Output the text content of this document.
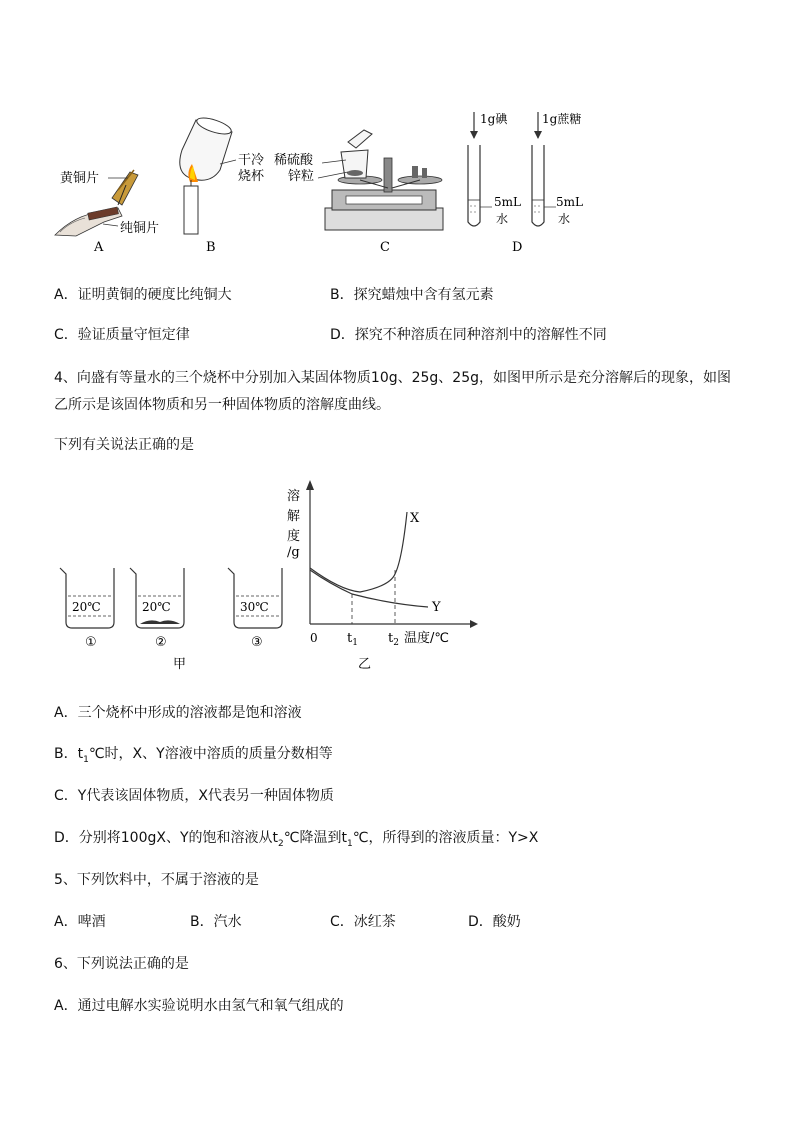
黄铜片
纯铜片
A
干冷
烧杯
B
稀硫酸
锌粒
C
1g碘	1g蔗糖
5mL
水
5mL
水
D
A．证明黄铜的硬度比纯铜大	B．探究蜡烛中含有氢元素
C．验证质量守恒定律	D．探究不种溶质在同种溶剂中的溶解性不同
4、向盛有等量水的三个烧杯中分别加入某固体物质10g、25g、25g，如图甲所示是充分溶解后的现象，如图
乙所示是该固体物质和另一种固体物质的溶解度曲线。
下列有关说法正确的是
20℃
①
20℃
②
30℃
③
甲
溶
解
度
/g
X
Y
0 $t_1$ $t_2$ 温度/℃
乙
A．三个烧杯中形成的溶液都是饱和溶液
B．$t_1℃$时，X、Y溶液中溶质的质量分数相等
C．Y代表该固体物质，X代表另一种固体物质
D．分别将100gX、Y的饱和溶液从$t_2℃$降温到$t_1℃$，所得到的溶液质量：Y>X
5、下列饮料中，不属于溶液的是
A．啤酒	B．汽水	C．冰红茶	D．酸奶
6、下列说法正确的是
A．通过电解水实验说明水由氢气和氧气组成的
